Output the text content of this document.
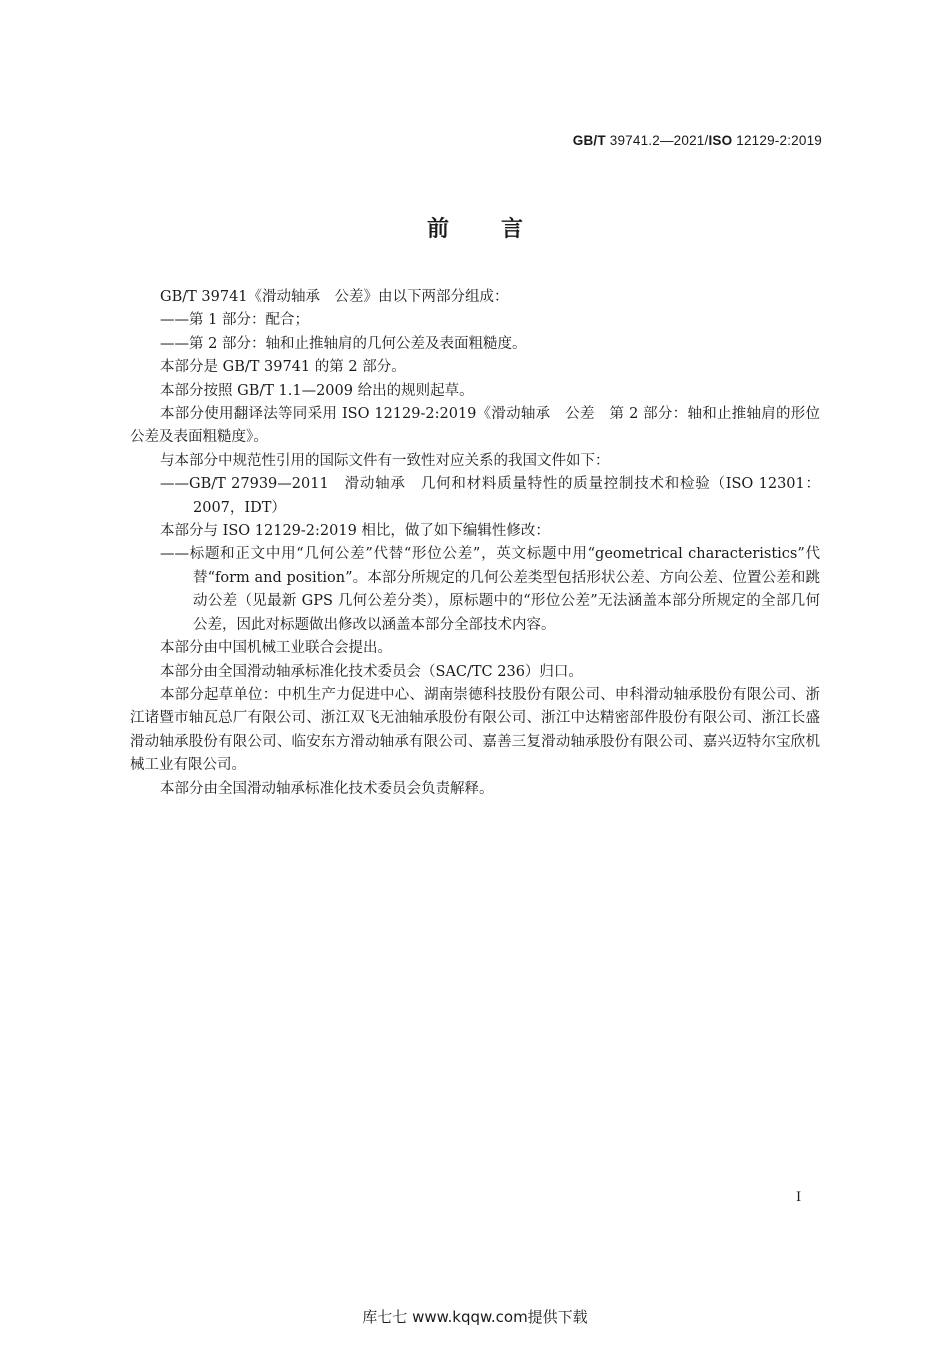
GB/T 39741.2—2021/ISO 12129-2:2019
前言

GB/T 39741《滑动轴承　公差》由以下两部分组成：

——第 1 部分：配合；

——第 2 部分：轴和止推轴肩的几何公差及表面粗糙度。

本部分是 GB/T 39741 的第 2 部分。

本部分按照 GB/T 1.1—2009 给出的规则起草。

本部分使用翻译法等同采用 ISO 12129-2:2019《滑动轴承　公差　第 2 部分：轴和止推轴肩的形位公差及表面粗糙度》。

与本部分中规范性引用的国际文件有一致性对应关系的我国文件如下：

——GB/T 27939—2011　滑动轴承　几何和材料质量特性的质量控制技术和检验（ISO 12301：2007，IDT）

本部分与 ISO 12129-2:2019 相比，做了如下编辑性修改：

——标题和正文中用“几何公差”代替“形位公差”，英文标题中用“geometrical characteristics”代替“form and position”。本部分所规定的几何公差类型包括形状公差、方向公差、位置公差和跳动公差（见最新 GPS 几何公差分类），原标题中的“形位公差”无法涵盖本部分所规定的全部几何公差，因此对标题做出修改以涵盖本部分全部技术内容。

本部分由中国机械工业联合会提出。

本部分由全国滑动轴承标准化技术委员会（SAC/TC 236）归口。

本部分起草单位：中机生产力促进中心、湖南崇德科技股份有限公司、申科滑动轴承股份有限公司、浙江诸暨市轴瓦总厂有限公司、浙江双飞无油轴承股份有限公司、浙江中达精密部件股份有限公司、浙江长盛滑动轴承股份有限公司、临安东方滑动轴承有限公司、嘉善三复滑动轴承股份有限公司、嘉兴迈特尔宝欣机械工业有限公司。

本部分由全国滑动轴承标准化技术委员会负责解释。

I
库七七 www.kqqw.com提供下载
